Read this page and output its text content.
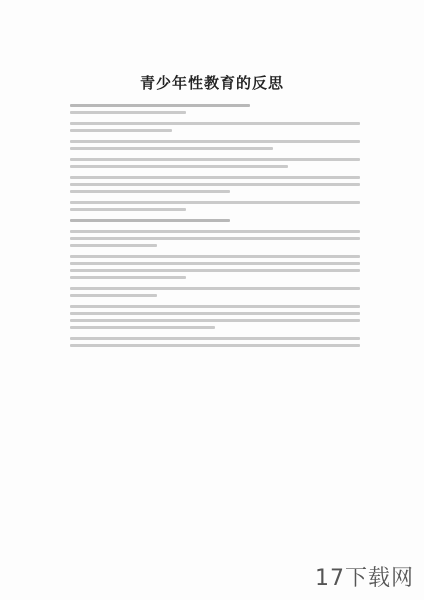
青少年性教育的反思
17下载网
